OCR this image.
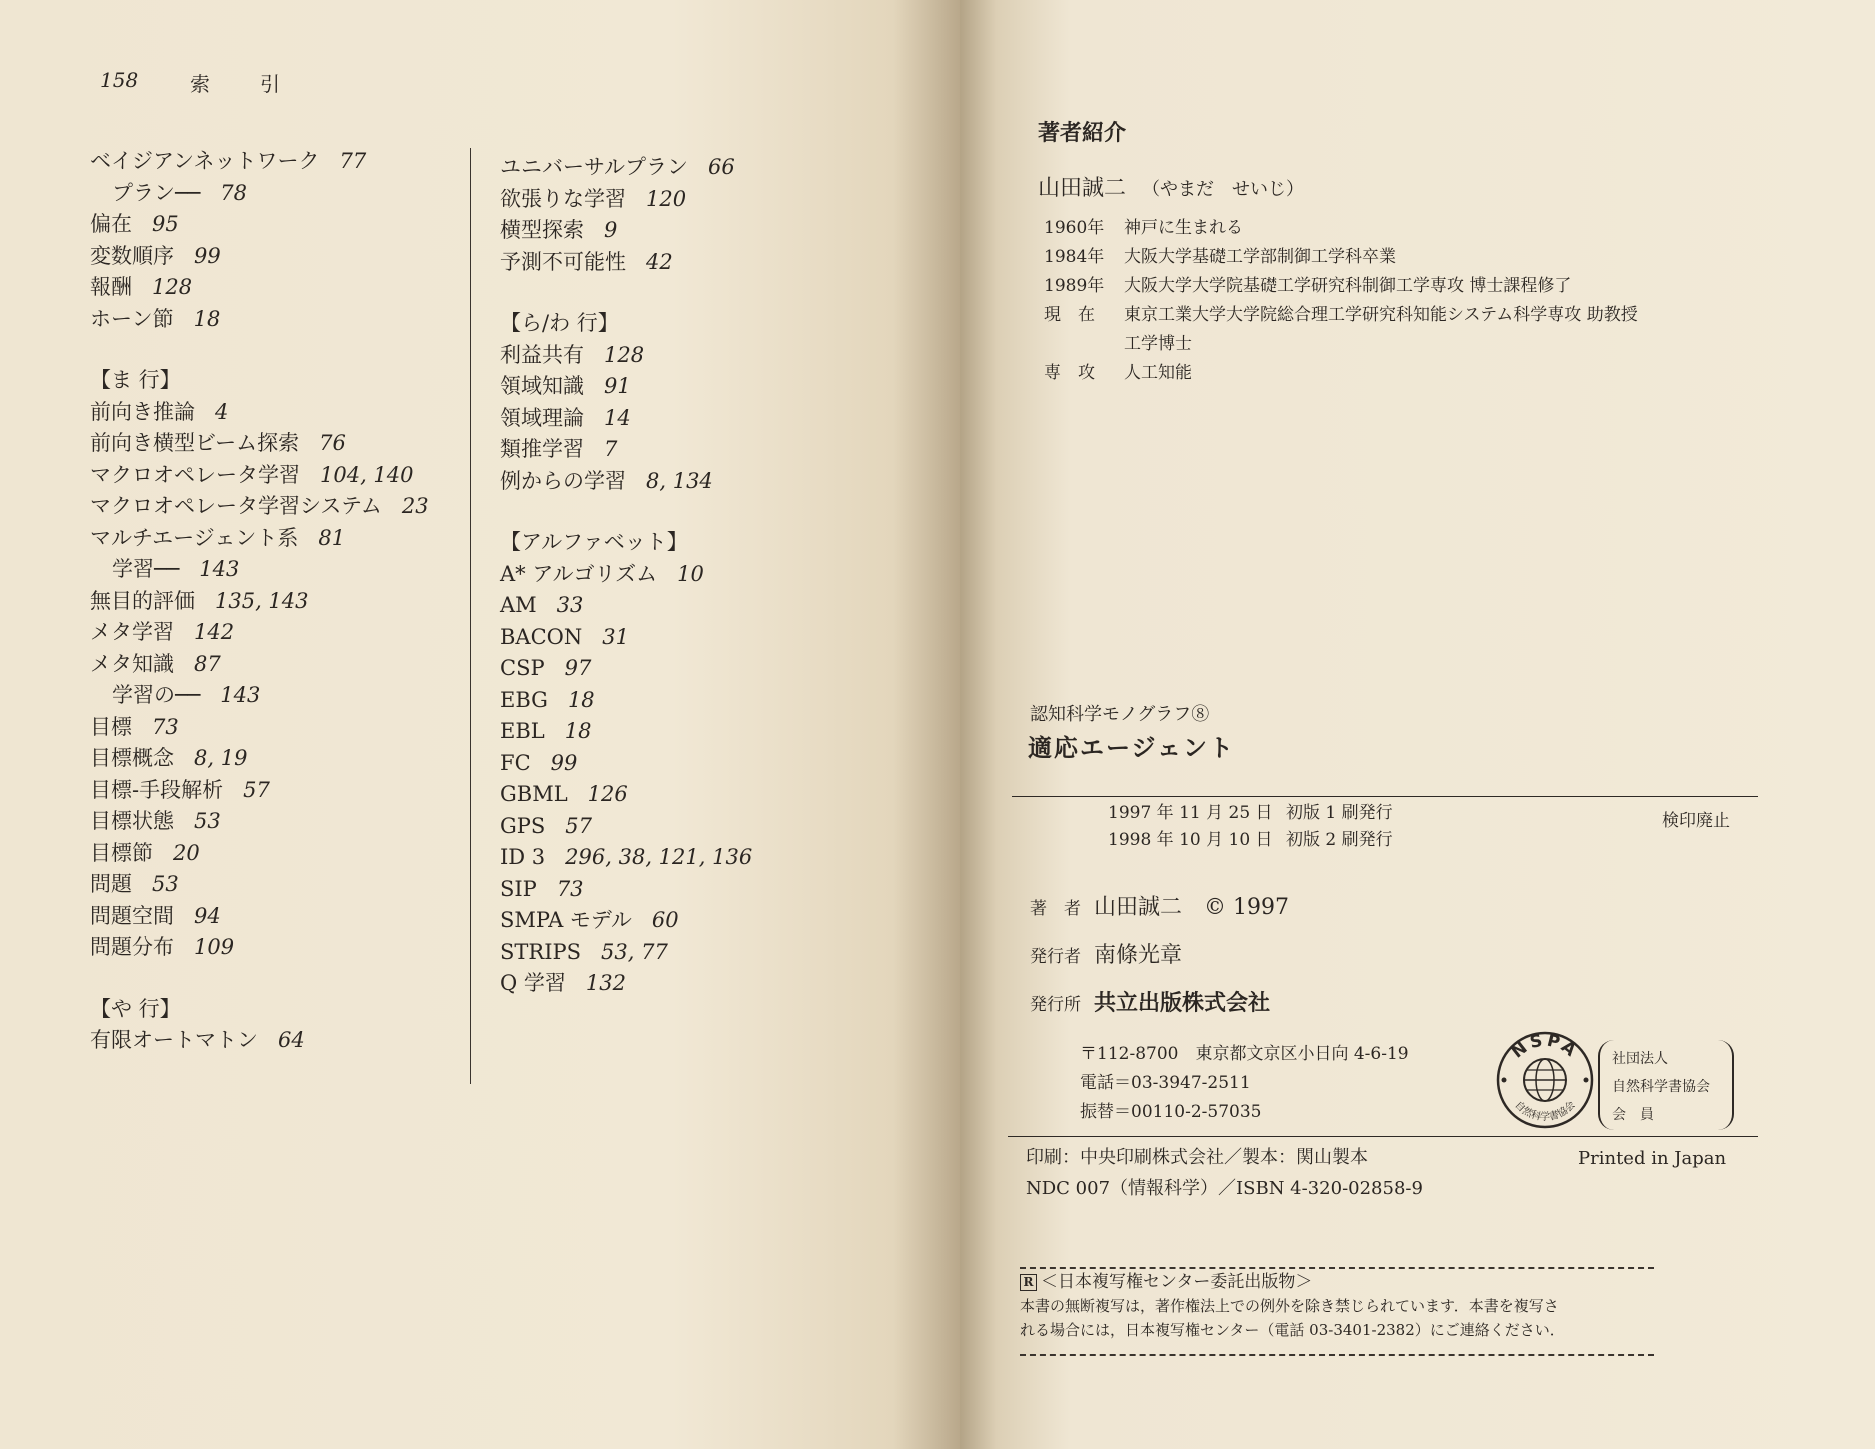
158	索引
ベイジアンネットワーク 77
プラン── 78
偏在 95
変数順序 99
報酬 128
ホーン節 18
【ま 行】
前向き推論 4
前向き横型ビーム探索 76
マクロオペレータ学習 104, 140
マクロオペレータ学習システム 23
マルチエージェント系 81
学習── 143
無目的評価 135, 143
メタ学習 142
メタ知識 87
学習の── 143
目標 73
目標概念 8, 19
目標-手段解析 57
目標状態 53
目標節 20
問題 53
問題空間 94
問題分布 109
【や 行】
有限オートマトン 64
ユニバーサルプラン 66
欲張りな学習 120
横型探索 9
予測不可能性 42
【ら/わ 行】
利益共有 128
領域知識 91
領域理論 14
類推学習 7
例からの学習 8, 134
【アルファベット】
A* アルゴリズム 10
AM 33
BACON 31
CSP 97
EBG 18
EBL 18
FC 99
GBML 126
GPS 57
ID 3 296, 38, 121, 136
SIP 73
SMPA モデル 60
STRIPS 53, 77
Q 学習 132
著者紹介
山田誠二 （やまだ　せいじ）
1960年	神戸に生まれる
1984年	大阪大学基礎工学部制御工学科卒業
1989年	大阪大学大学院基礎工学研究科制御工学専攻 博士課程修了
現　在	東京工業大学大学院総合理工学研究科知能システム科学専攻 助教授
工学博士
専　攻	人工知能
認知科学モノグラフ⑧
適応エージェント
1997 年 11 月 25 日 初版 1 刷発行
1998 年 10 月 10 日 初版 2 刷発行
検印廃止
著　者 山田誠二　© 1997
発行者 南條光章
発行所 共立出版株式会社
〒112-8700　東京都文京区小日向 4-6-19
電話＝03-3947-2511
振替＝00110-2-57035
NSPA
自然科学書協会
社団法人
自然科学書協会
会　員
印刷：中央印刷株式会社／製本：関山製本
NDC 007（情報科学）／ISBN 4-320-02858-9
Printed in Japan
R ＜日本複写権センター委託出版物＞
本書の無断複写は，著作権法上での例外を除き禁じられています．本書を複写さ
れる場合には，日本複写権センター（電話 03-3401-2382）にご連絡ください．
